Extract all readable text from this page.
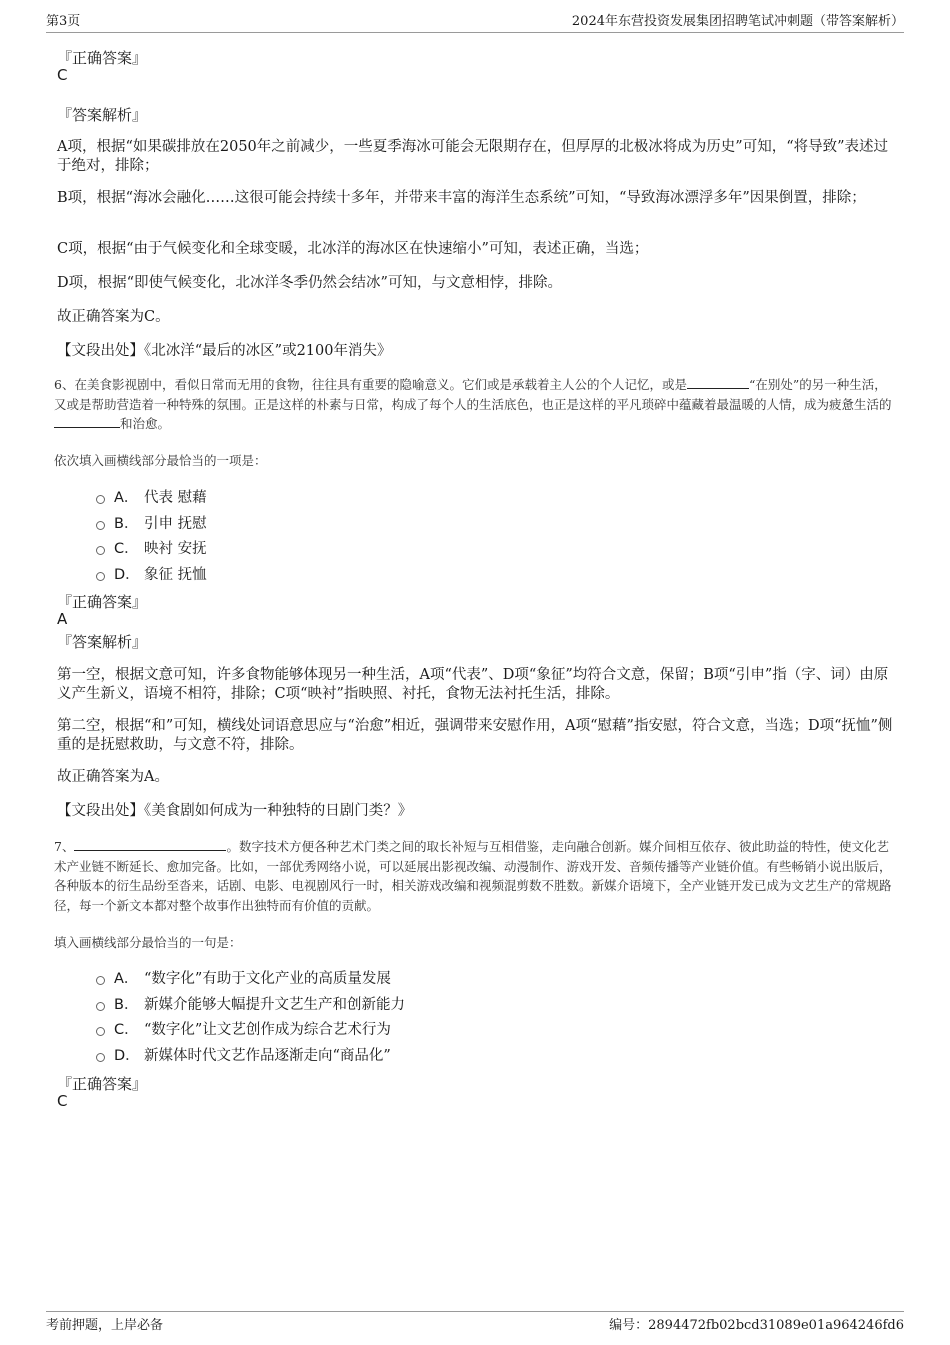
第3页	2024年东营投资发展集团招聘笔试冲刺题（带答案解析）
『正确答案』
C
『答案解析』
A项，根据“如果碳排放在2050年之前减少，一些夏季海冰可能会无限期存在，但厚厚的北极冰将成为历史”可知，“将导致”表述过于绝对，排除；
B项，根据“海冰会融化……这很可能会持续十多年，并带来丰富的海洋生态系统”可知，“导致海冰漂浮多年”因果倒置，排除；
C项，根据“由于气候变化和全球变暖，北冰洋的海冰区在快速缩小”可知，表述正确，当选；
D项，根据“即使气候变化，北冰洋冬季仍然会结冰”可知，与文意相悖，排除。
故正确答案为C。
【文段出处】《北冰洋“最后的冰区”或2100年消失》
6、在美食影视剧中，看似日常而无用的食物，往往具有重要的隐喻意义。它们或是承载着主人公的个人记忆，或是	“在别处”的另一种生活，又或是帮助营造着一种特殊的氛围。正是这样的朴素与日常，构成了每个人的生活底色，也正是这样的平凡琐碎中蕴藏着最温暖的人情，成为疲惫生活的和治愈。
依次填入画横线部分最恰当的一项是：
A． 代表 慰藉
B． 引申 抚慰
C． 映衬 安抚
D． 象征 抚恤
『正确答案』
A
『答案解析』
第一空，根据文意可知，许多食物能够体现另一种生活，A项“代表”、D项“象征”均符合文意，保留；B项“引申”指（字、词）由原义产生新义，语境不相符，排除；C项“映衬”指映照、衬托，食物无法衬托生活，排除。
第二空，根据“和”可知，横线处词语意思应与“治愈”相近，强调带来安慰作用，A项“慰藉”指安慰，符合文意，当选；D项“抚恤”侧重的是抚慰救助，与文意不符，排除。
故正确答案为A。
【文段出处】《美食剧如何成为一种独特的日剧门类？》
7、	。数字技术方便各种艺术门类之间的取长补短与互相借鉴，走向融合创新。媒介间相互依存、彼此助益的特性，使文化艺术产业链不断延长、愈加完备。比如，一部优秀网络小说，可以延展出影视改编、动漫制作、游戏开发、音频传播等产业链价值。有些畅销小说出版后，各种版本的衍生品纷至沓来，话剧、电影、电视剧风行一时，相关游戏改编和视频混剪数不胜数。新媒介语境下，全产业链开发已成为文艺生产的常规路径，每一个新文本都对整个故事作出独特而有价值的贡献。
填入画横线部分最恰当的一句是：
A． “数字化”有助于文化产业的高质量发展
B． 新媒介能够大幅提升文艺生产和创新能力
C． “数字化”让文艺创作成为综合艺术行为
D． 新媒体时代文艺作品逐渐走向“商品化”
『正确答案』
C
考前押题，上岸必备	编号：2894472fb02bcd31089e01a964246fd6
